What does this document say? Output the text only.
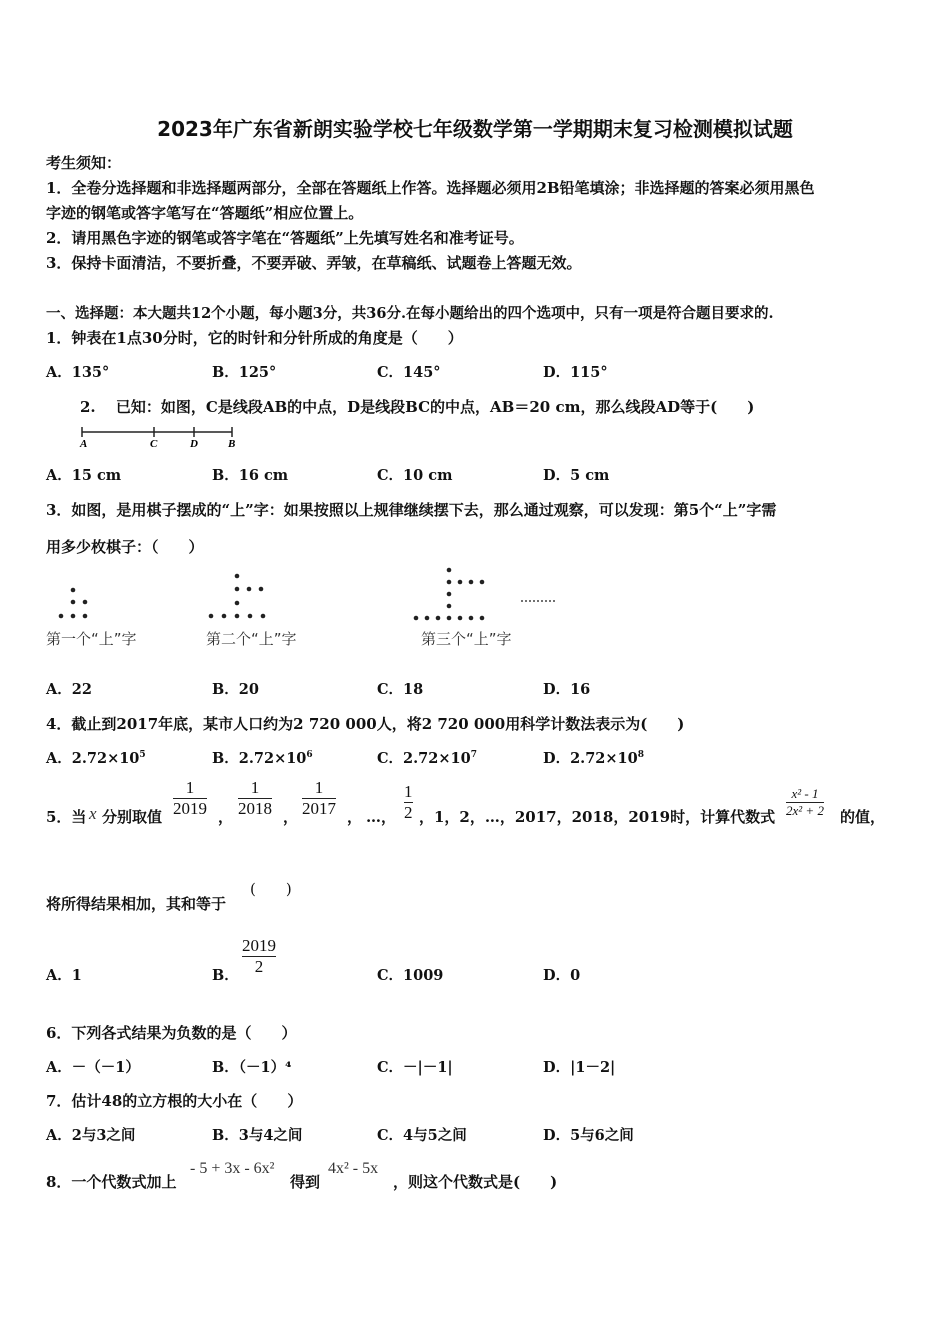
2023年广东省新朗实验学校七年级数学第一学期期末复习检测模拟试题
考生须知：
1．全卷分选择题和非选择题两部分，全部在答题纸上作答。选择题必须用2B铅笔填涂；非选择题的答案必须用黑色
字迹的钢笔或答字笔写在“答题纸”相应位置上。
2．请用黑色字迹的钢笔或答字笔在“答题纸”上先填写姓名和准考证号。
3．保持卡面清洁，不要折叠，不要弄破、弄皱，在草稿纸、试题卷上答题无效。
一、选择题：本大题共12个小题，每小题3分，共36分.在每小题给出的四个选项中，只有一项是符合题目要求的.
1．钟表在1点30分时，它的时针和分针所成的角度是（　　）
A．135°	B．125°	C．145°	D．115°
2.　 已知：如图，C是线段AB的中点，D是线段BC的中点，AB＝20 cm，那么线段AD等于(　　)
A	C	D	B
A．15 cm	B．16 cm	C．10 cm	D．5 cm
3．如图，是用棋子摆成的“上”字：如果按照以上规律继续摆下去，那么通过观察，可以发现：第5个“上”字需
用多少枚棋子：（　　）
第一个“上”字	第二个“上”字	第三个“上”字
A．22	B．20	C．18	D．16
4．截止到2017年底，某市人口约为2 720 000人，将2 720 000用科学计数法表示为(　　)
A．$2.72\times 10^5$	B．$2.72\times 10^6$	C．$2.72\times 10^7$	D．$2.72\times 10^8$
5．当 x 分别取值
1
2019 ，
1
2018 ，
1
2017 ， …，
1
2 ，1，2，…，2017，2018，2019时，计算代数式
x² - 1
2x² + 2 的值，
将所得结果相加，其和等于
(　　)
A．1	B．
2019
2	C．1009	D．0
6．下列各式结果为负数的是（　　）
A．－（－1）	B．（－1）⁴	C．－|－1|	D．|1－2|
7．估计48的立方根的大小在（　　）
A．2与3之间	B．3与4之间	C．4与5之间	D．5与6之间
8．一个代数式加上
- 5 + 3x - 6x²
得到
4x² - 5x
，则这个代数式是(　　)
